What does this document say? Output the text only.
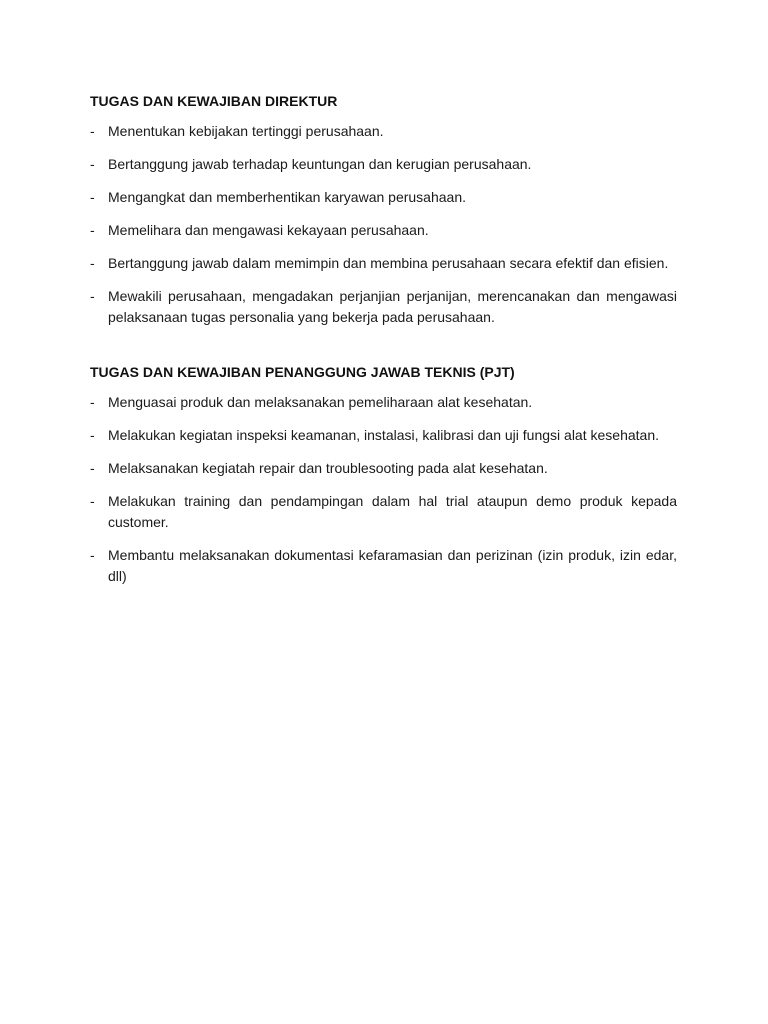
TUGAS DAN KEWAJIBAN DIREKTUR
- Menentukan kebijakan tertinggi perusahaan.
- Bertanggung jawab terhadap keuntungan dan kerugian perusahaan.
- Mengangkat dan memberhentikan karyawan perusahaan.
- Memelihara dan mengawasi kekayaan perusahaan.
- Bertanggung jawab dalam memimpin dan membina perusahaan secara efektif dan efisien.
- Mewakili perusahaan, mengadakan perjanjian perjanijan, merencanakan dan mengawasi pelaksanaan tugas personalia yang bekerja pada perusahaan.
TUGAS DAN KEWAJIBAN PENANGGUNG JAWAB TEKNIS (PJT)
- Menguasai produk dan melaksanakan pemeliharaan alat kesehatan.
- Melakukan kegiatan inspeksi keamanan, instalasi, kalibrasi dan uji fungsi alat kesehatan.
- Melaksanakan kegiatah repair dan troublesooting pada alat kesehatan.
- Melakukan training dan pendampingan dalam hal trial ataupun demo produk kepada customer.
- Membantu melaksanakan dokumentasi kefaramasian dan perizinan (izin produk, izin edar, dll)
